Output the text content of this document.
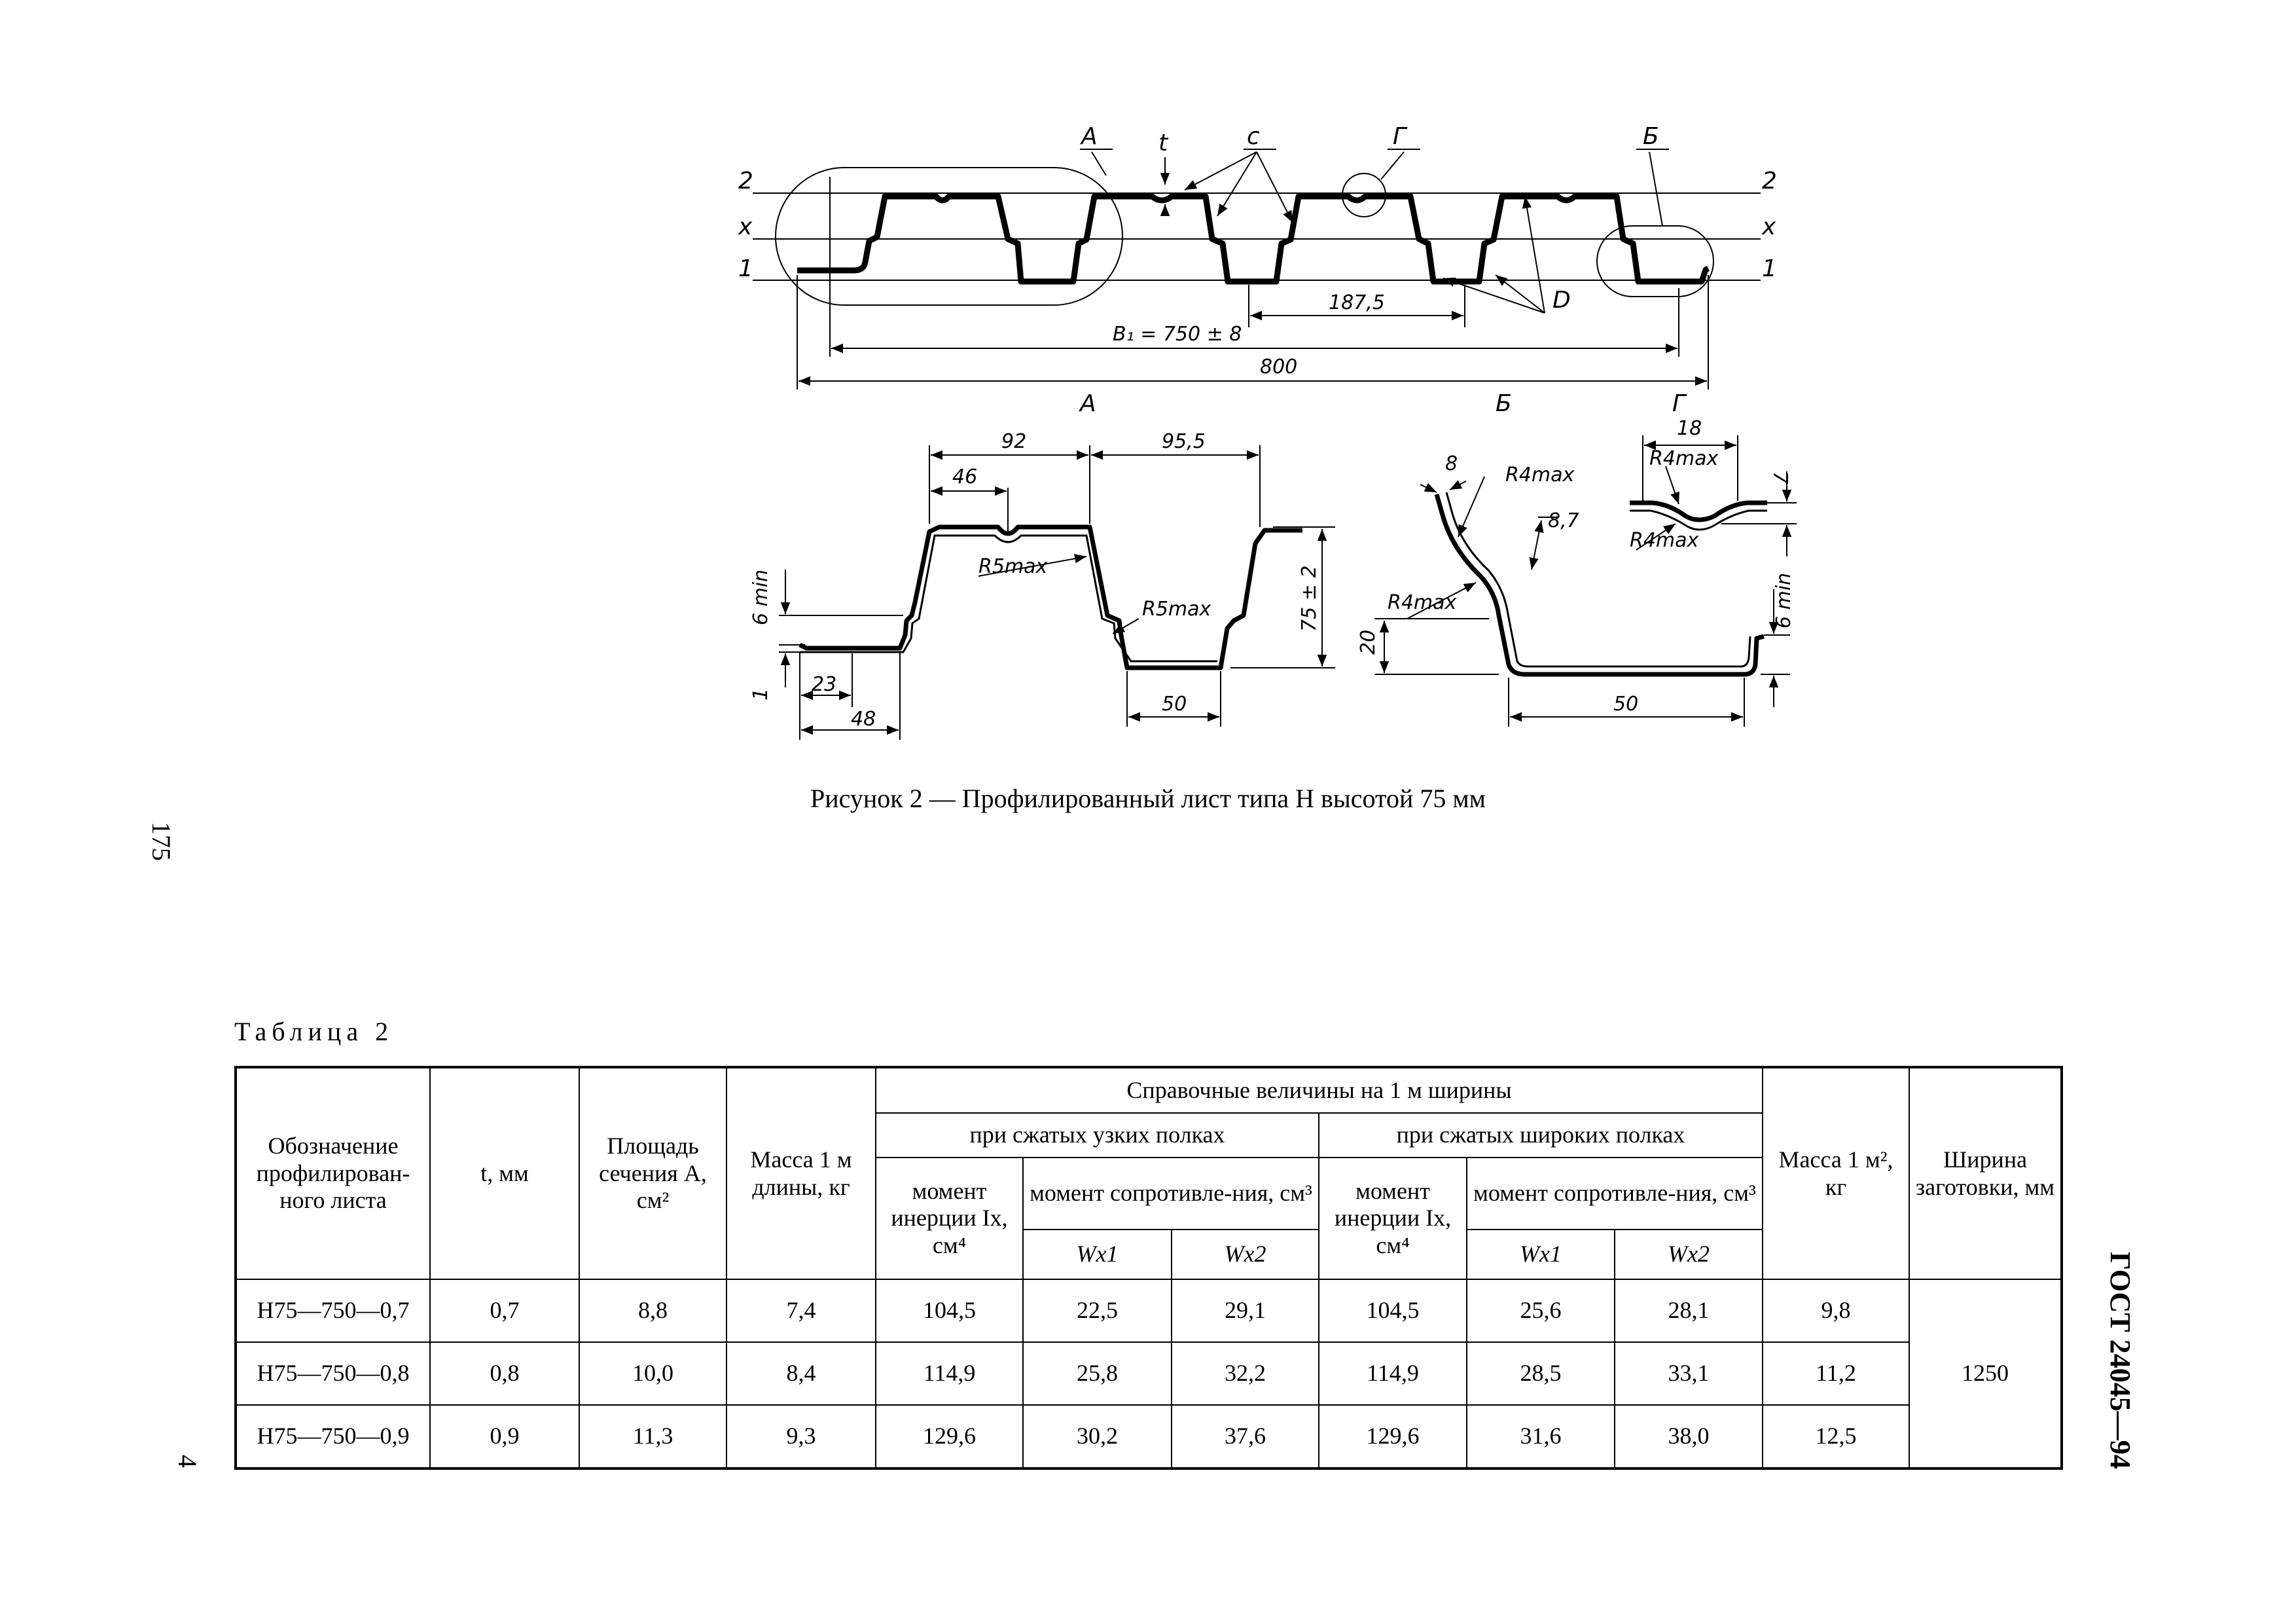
2
x
1
2
x
1
А	Г	Б
t	c
D
187,5
B₁ = 750 ± 8
800
А	Б	Г
92	95,5
46
R5max
R5max	75 ± 2
6 min
1 23
48
50
8 R4max
8,7
R4max
20
6 min
50
18
R4max
7
R4max
Рисунок 2 — Профилированный лист типа Н высотой 75 мм
175
4	ГОСТ 24045—94
Таблица 2
Обозначение профилирован-ного листа	t, мм	Площадь сечения A, см²	Масса 1 м длины, кг	Справочные величины на 1 м ширины						Масса 1 м², кг	Ширина заготовки, мм
				при сжатых узких полках			при сжатых широких полках				
				момент инерции Ix, см⁴	момент сопротивле-ния, см³		момент инерции Ix, см⁴	момент сопротивле-ния, см³			
					Wx1	Wx2		Wx1	Wx2		
Н75—750—0,7	0,7	8,8	7,4	104,5	22,5	29,1	104,5	25,6	28,1	9,8	1250
Н75—750—0,8	0,8	10,0	8,4	114,9	25,8	32,2	114,9	28,5	33,1	11,2	
Н75—750—0,9	0,9	11,3	9,3	129,6	30,2	37,6	129,6	31,6	38,0	12,5	
